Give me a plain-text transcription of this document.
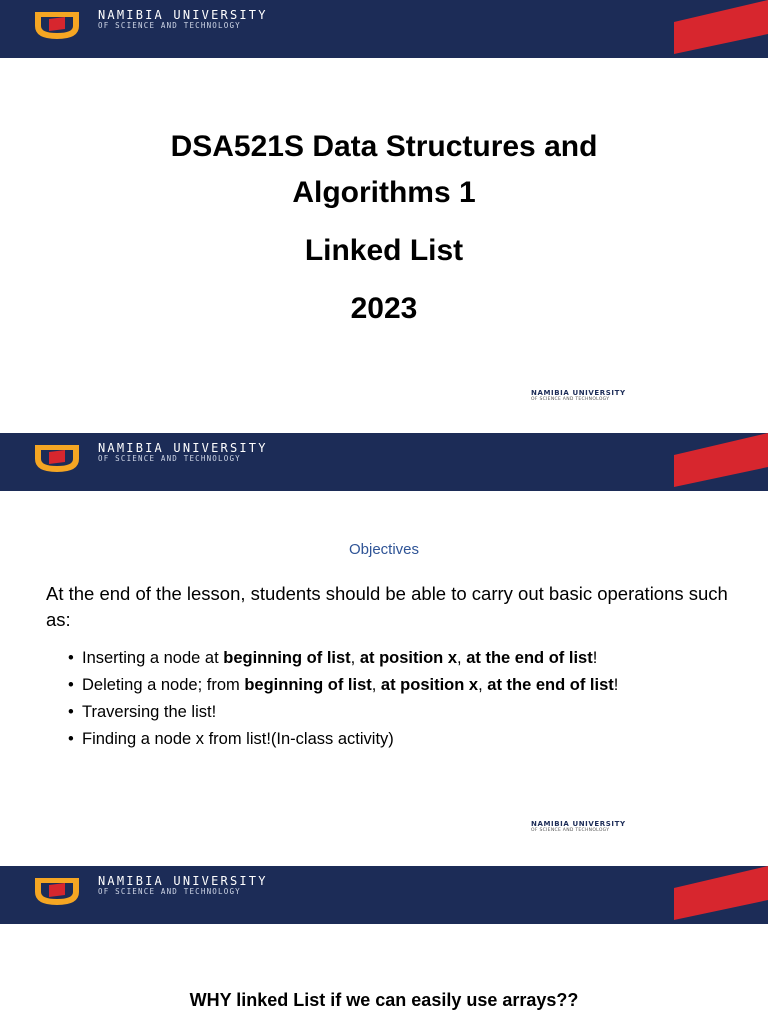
NAMIBIA UNIVERSITY
OF SCIENCE AND TECHNOLOGY
DSA521S Data Structures and
Algorithms 1
Linked List
2023
NAMIBIA UNIVERSITY
OF SCIENCE AND TECHNOLOGY
NAMIBIA UNIVERSITY
OF SCIENCE AND TECHNOLOGY
Objectives
At the end of the lesson, students should be able to carry out basic operations such as:
• Inserting a node at beginning of list, at position x, at the end of list!
• Deleting a node; from beginning of list, at position x, at the end of list!
• Traversing the list!
• Finding a node x from list!(In-class activity)
NAMIBIA UNIVERSITY
OF SCIENCE AND TECHNOLOGY
NAMIBIA UNIVERSITY
OF SCIENCE AND TECHNOLOGY
WHY linked List if we can easily use arrays??
